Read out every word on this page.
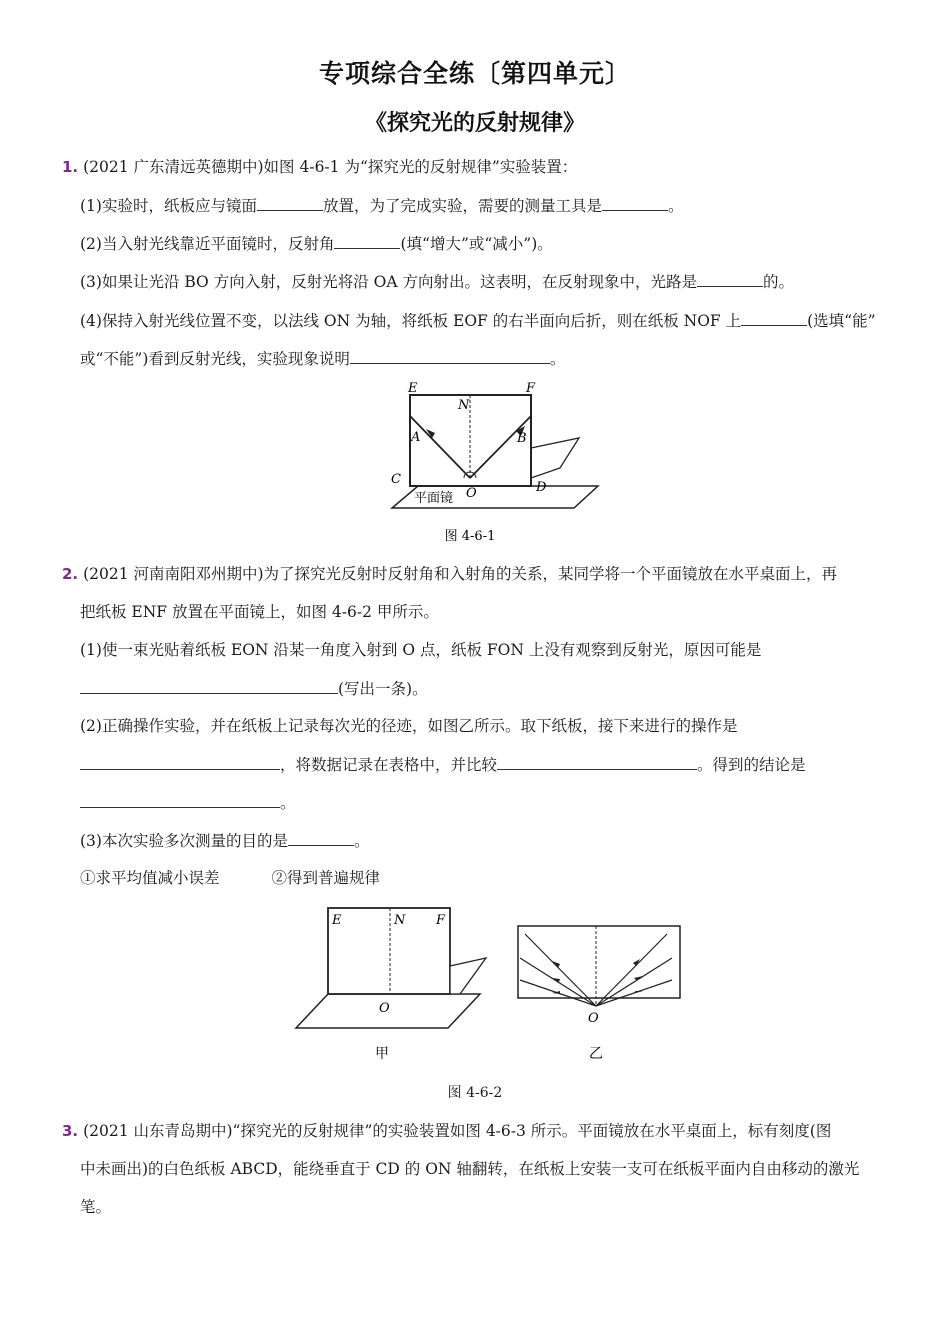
专项综合全练〔第四单元〕
《探究光的反射规律》
1. (2021 广东清远英德期中)如图 4-6-1 为“探究光的反射规律”实验装置：
(1)实验时，纸板应与镜面	放置，为了完成实验，需要的测量工具是	。
(2)当入射光线靠近平面镜时，反射角	(填“增大”或“减小”)。
(3)如果让光沿 BO 方向入射，反射光将沿 OA 方向射出。这表明，在反射现象中，光路是	的。
(4)保持入射光线位置不变，以法线 ON 为轴，将纸板 EOF 的右半面向后折，则在纸板 NOF 上	(选填“能”
或“不能”)看到反射光线，实验现象说明	。
E	F
N
A	B
C
O	D
平面镜
图 4-6-1
2. (2021 河南南阳邓州期中)为了探究光反射时反射角和入射角的关系，某同学将一个平面镜放在水平桌面上，再
把纸板 ENF 放置在平面镜上，如图 4-6-2 甲所示。
(1)使一束光贴着纸板 EON 沿某一角度入射到 O 点，纸板 FON 上没有观察到反射光，原因可能是
(写出一条)。
(2)正确操作实验，并在纸板上记录每次光的径迹，如图乙所示。取下纸板，接下来进行的操作是
，将数据记录在表格中，并比较	。得到的结论是
。
(3)本次实验多次测量的目的是	。
①求平均值减小误差	②得到普遍规律
E	N F
O
甲
O
乙
图 4-6-2
3. (2021 山东青岛期中)“探究光的反射规律”的实验装置如图 4-6-3 所示。平面镜放在水平桌面上，标有刻度(图
中未画出)的白色纸板 ABCD，能绕垂直于 CD 的 ON 轴翻转，在纸板上安装一支可在纸板平面内自由移动的激光
笔。
